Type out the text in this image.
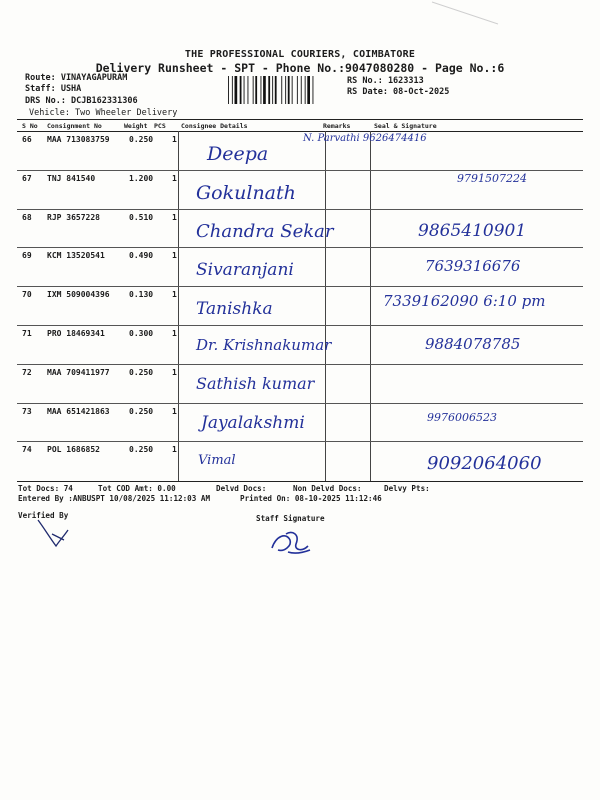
THE PROFESSIONAL COURIERS, COIMBATORE
Delivery Runsheet - SPT - Phone No.:9047080280 - Page No.:6
Route: VINAYAGAPURAM
Staff: USHA
DRS No.: DCJB162331306
Vehicle: Two Wheeler Delivery
RS No.: 1623313
RS Date: 08-Oct-2025
S No Consignment No	Weight PCS Consignee Details	Remarks	Seal & Signature
66 MAA 713083759 0.250 1
Deepa
N. Parvathi 9626474416
67 TNJ 841540	1.200 1
Gokulnath
9791507224
68 RJP 3657228	0.510 1
Chandra Sekar	9865410901
69 KCM 13520541	0.490 1
Sivaranjani	7639316676
70 IXM 509004396 0.130 1
Tanishka	7339162090 6:10 pm
71 PRO 18469341	0.300 1
Dr. Krishnakumar	9884078785
72 MAA 709411977 0.250 1
Sathish kumar
73 MAA 651421863 0.250 1
Jayalakshmi	9976006523
74 POL 1686852	0.250 1
Vimal	9092064060
Tot Docs: 74	Tot COD Amt: 0.00	Delvd Docs:	Non Delvd Docs:	Delvy Pts:
Entered By :ANBUSPT 10/08/2025 11:12:03 AM	Printed On: 08-10-2025 11:12:46
Verified By	Staff Signature
